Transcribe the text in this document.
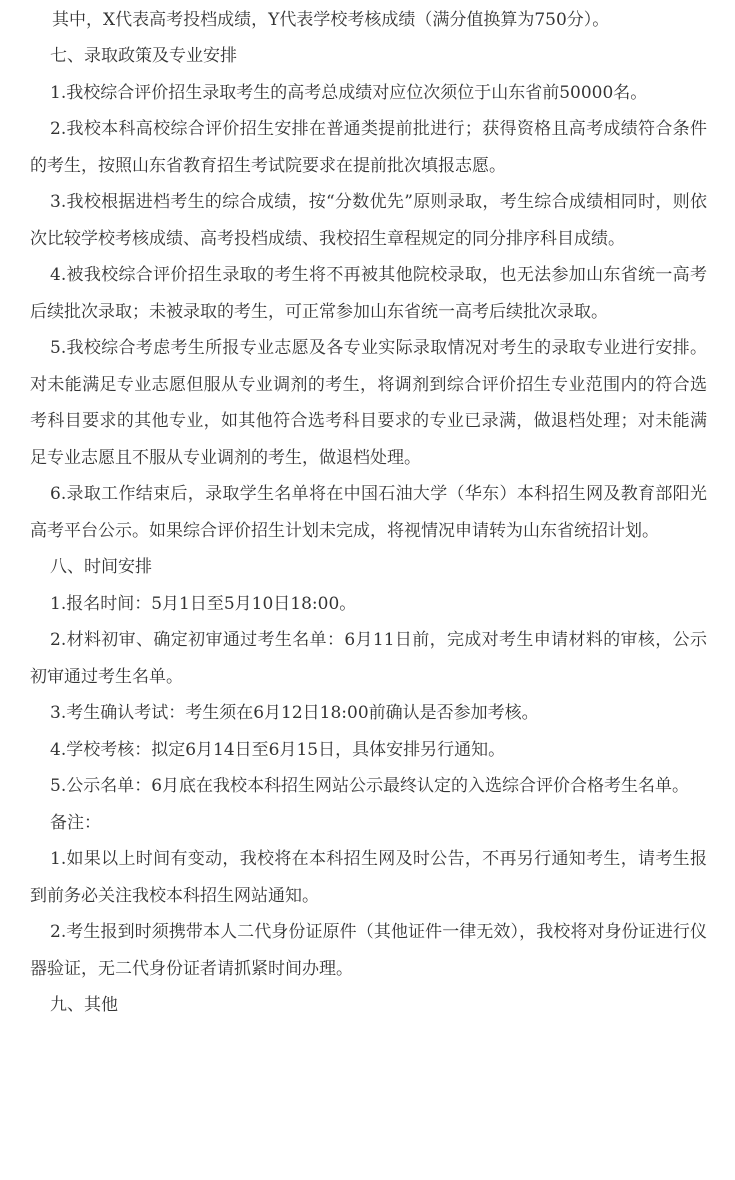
其中，X代表高考投档成绩，Y代表学校考核成绩（满分值换算为750分）。

七、录取政策及专业安排

1.我校综合评价招生录取考生的高考总成绩对应位次须位于山东省前50000名。

2.我校本科高校综合评价招生安排在普通类提前批进行；获得资格且高考成绩符合条件的考生，按照山东省教育招生考试院要求在提前批次填报志愿。

3.我校根据进档考生的综合成绩，按“分数优先”原则录取，考生综合成绩相同时，则依次比较学校考核成绩、高考投档成绩、我校招生章程规定的同分排序科目成绩。

4.被我校综合评价招生录取的考生将不再被其他院校录取，也无法参加山东省统一高考后续批次录取；未被录取的考生，可正常参加山东省统一高考后续批次录取。

5.我校综合考虑考生所报专业志愿及各专业实际录取情况对考生的录取专业进行安排。对未能满足专业志愿但服从专业调剂的考生，将调剂到综合评价招生专业范围内的符合选考科目要求的其他专业，如其他符合选考科目要求的专业已录满，做退档处理；对未能满足专业志愿且不服从专业调剂的考生，做退档处理。

6.录取工作结束后，录取学生名单将在中国石油大学（华东）本科招生网及教育部阳光高考平台公示。如果综合评价招生计划未完成，将视情况申请转为山东省统招计划。

八、时间安排

1.报名时间：5月1日至5月10日18:00。

2.材料初审、确定初审通过考生名单：6月11日前，完成对考生申请材料的审核，公示初审通过考生名单。

3.考生确认考试：考生须在6月12日18:00前确认是否参加考核。

4.学校考核：拟定6月14日至6月15日，具体安排另行通知。

5.公示名单：6月底在我校本科招生网站公示最终认定的入选综合评价合格考生名单。

备注：

1.如果以上时间有变动，我校将在本科招生网及时公告，不再另行通知考生，请考生报到前务必关注我校本科招生网站通知。

2.考生报到时须携带本人二代身份证原件（其他证件一律无效），我校将对身份证进行仪器验证，无二代身份证者请抓紧时间办理。

九、其他
